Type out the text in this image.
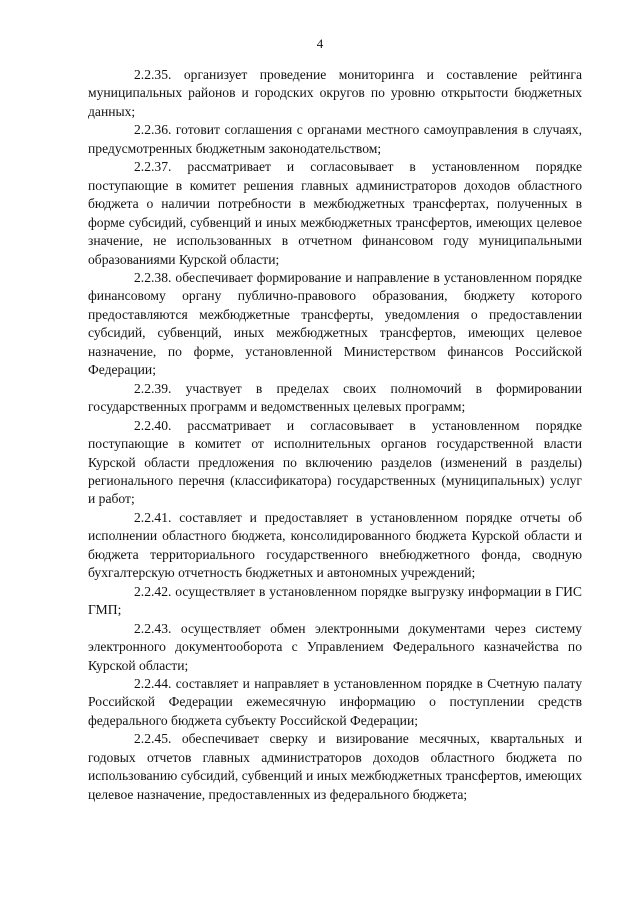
4

2.2.35. организует проведение мониторинга и составление рейтинга муниципальных районов и городских округов по уровню открытости бюджетных данных;

2.2.36. готовит соглашения с органами местного самоуправления в случаях, предусмотренных бюджетным законодательством;

2.2.37. рассматривает и согласовывает в установленном порядке поступающие в комитет решения главных администраторов доходов областного бюджета о наличии потребности в межбюджетных трансфертах, полученных в форме субсидий, субвенций и иных межбюджетных трансфертов, имеющих целевое значение, не использованных в отчетном финансовом году муниципальными образованиями Курской области;

2.2.38. обеспечивает формирование и направление в установленном порядке финансовому органу публично-правового образования, бюджету которого предоставляются межбюджетные трансферты, уведомления о предоставлении субсидий, субвенций, иных межбюджетных трансфертов, имеющих целевое назначение, по форме, установленной Министерством финансов Российской Федерации;

2.2.39. участвует в пределах своих полномочий в формировании государственных программ и ведомственных целевых программ;

2.2.40. рассматривает и согласовывает в установленном порядке поступающие в комитет от исполнительных органов государственной власти Курской области предложения по включению разделов (изменений в разделы) регионального перечня (классификатора) государственных (муниципальных) услуг и работ;

2.2.41. составляет и предоставляет в установленном порядке отчеты об исполнении областного бюджета, консолидированного бюджета Курской области и бюджета территориального государственного внебюджетного фонда, сводную бухгалтерскую отчетность бюджетных и автономных учреждений;

2.2.42. осуществляет в установленном порядке выгрузку информации в ГИС ГМП;

2.2.43. осуществляет обмен электронными документами через систему электронного документооборота с Управлением Федерального казначейства по Курской области;

2.2.44. составляет и направляет в установленном порядке в Счетную палату Российской Федерации ежемесячную информацию о поступлении средств федерального бюджета субъекту Российской Федерации;

2.2.45. обеспечивает сверку и визирование месячных, квартальных и годовых отчетов главных администраторов доходов областного бюджета по использованию субсидий, субвенций и иных межбюджетных трансфертов, имеющих целевое назначение, предоставленных из федерального бюджета;
